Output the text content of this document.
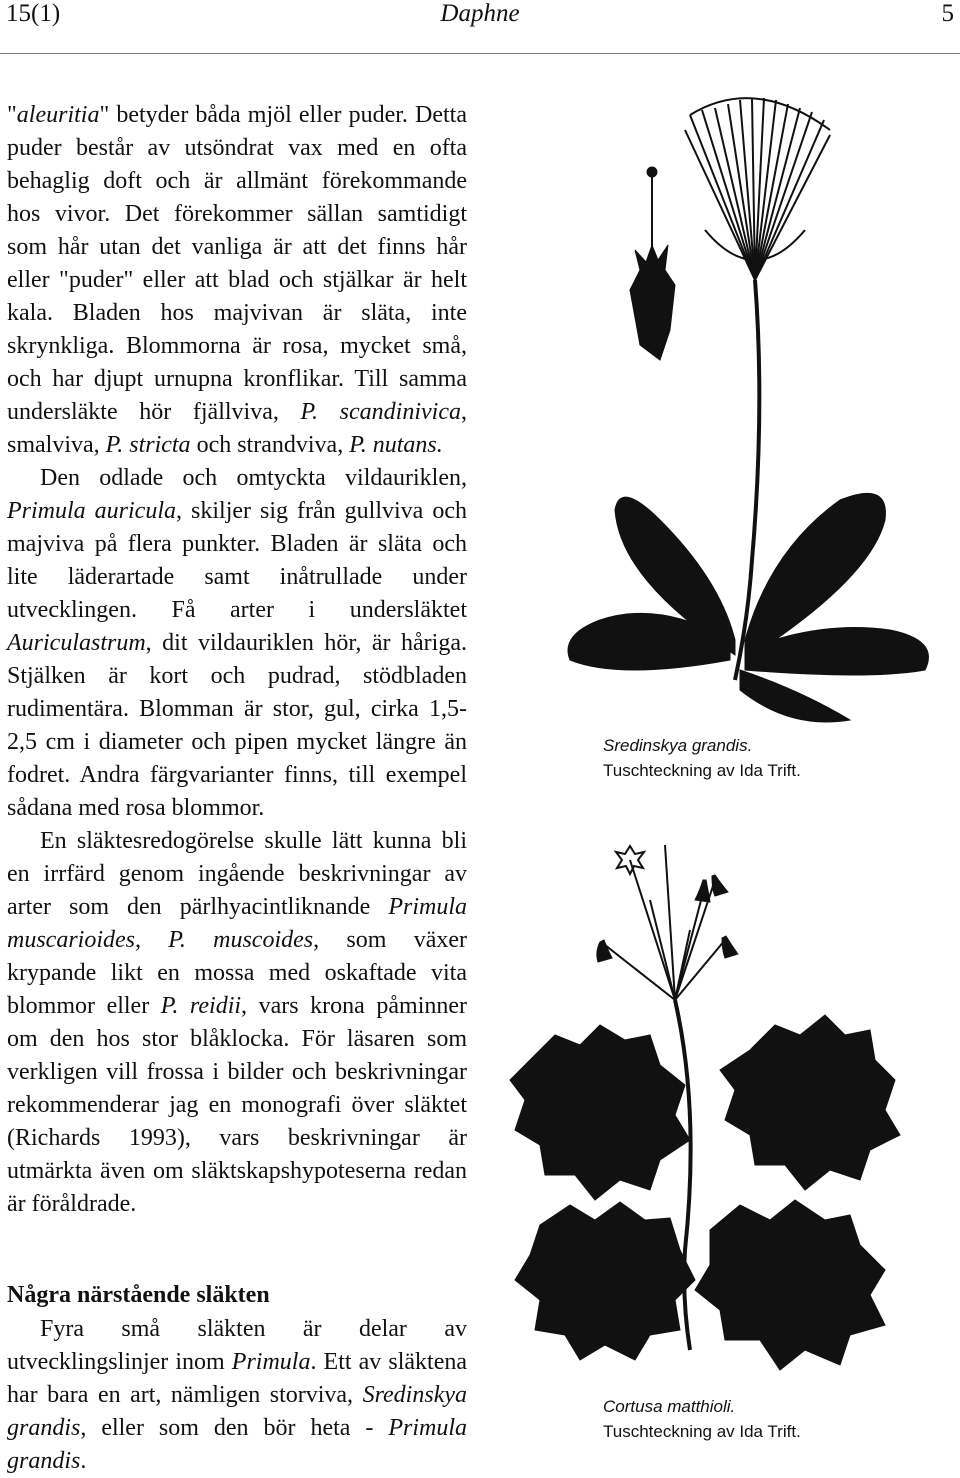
15(1)	Daphne	5

"aleuritia" betyder båda mjöl eller puder. Detta puder består av utsöndrat vax med en ofta behaglig doft och är allmänt förekommande hos vivor. Det förekommer sällan samtidigt som hår utan det vanliga är att det finns hår eller "puder" eller att blad och stjälkar är helt kala. Bladen hos majvivan är släta, inte skrynkliga. Blommorna är rosa, mycket små, och har djupt urnupna kronflikar. Till samma undersläkte hör fjällviva, P. scandinivica, smalviva, P. stricta och strandviva, P. nutans.

Den odlade och omtyckta vildauriklen, Primula auricula, skiljer sig från gullviva och majviva på flera punkter. Bladen är släta och lite läderartade samt inåtrullade under utvecklingen. Få arter i undersläktet Auriculastrum, dit vildauriklen hör, är håriga. Stjälken är kort och pudrad, stödbladen rudimentära. Blomman är stor, gul, cirka 1,5-2,5 cm i diameter och pipen mycket längre än fodret. Andra färgvarianter finns, till exempel sådana med rosa blommor.

En släktesredogörelse skulle lätt kunna bli en irrfärd genom ingående beskrivningar av arter som den pärlhyacintliknande Primula muscarioides, P. muscoides, som växer krypande likt en mossa med oskaftade vita blommor eller P. reidii, vars krona påminner om den hos stor blåklocka. För läsaren som verkligen vill frossa i bilder och beskrivningar rekommenderar jag en monografi över släktet (Richards 1993), vars beskrivningar är utmärkta även om släktskapshypoteserna redan är föråldrade.

Några närstående släkten

Fyra små släkten är delar av utvecklingslinjer inom Primula. Ett av släktena har bara en art, nämligen storviva, Sredinskya grandis, eller som den bör heta - Primula grandis.

Sredinskya grandis.
Tuschteckning av Ida Trift.
Cortusa matthioli.
Tuschteckning av Ida Trift.
